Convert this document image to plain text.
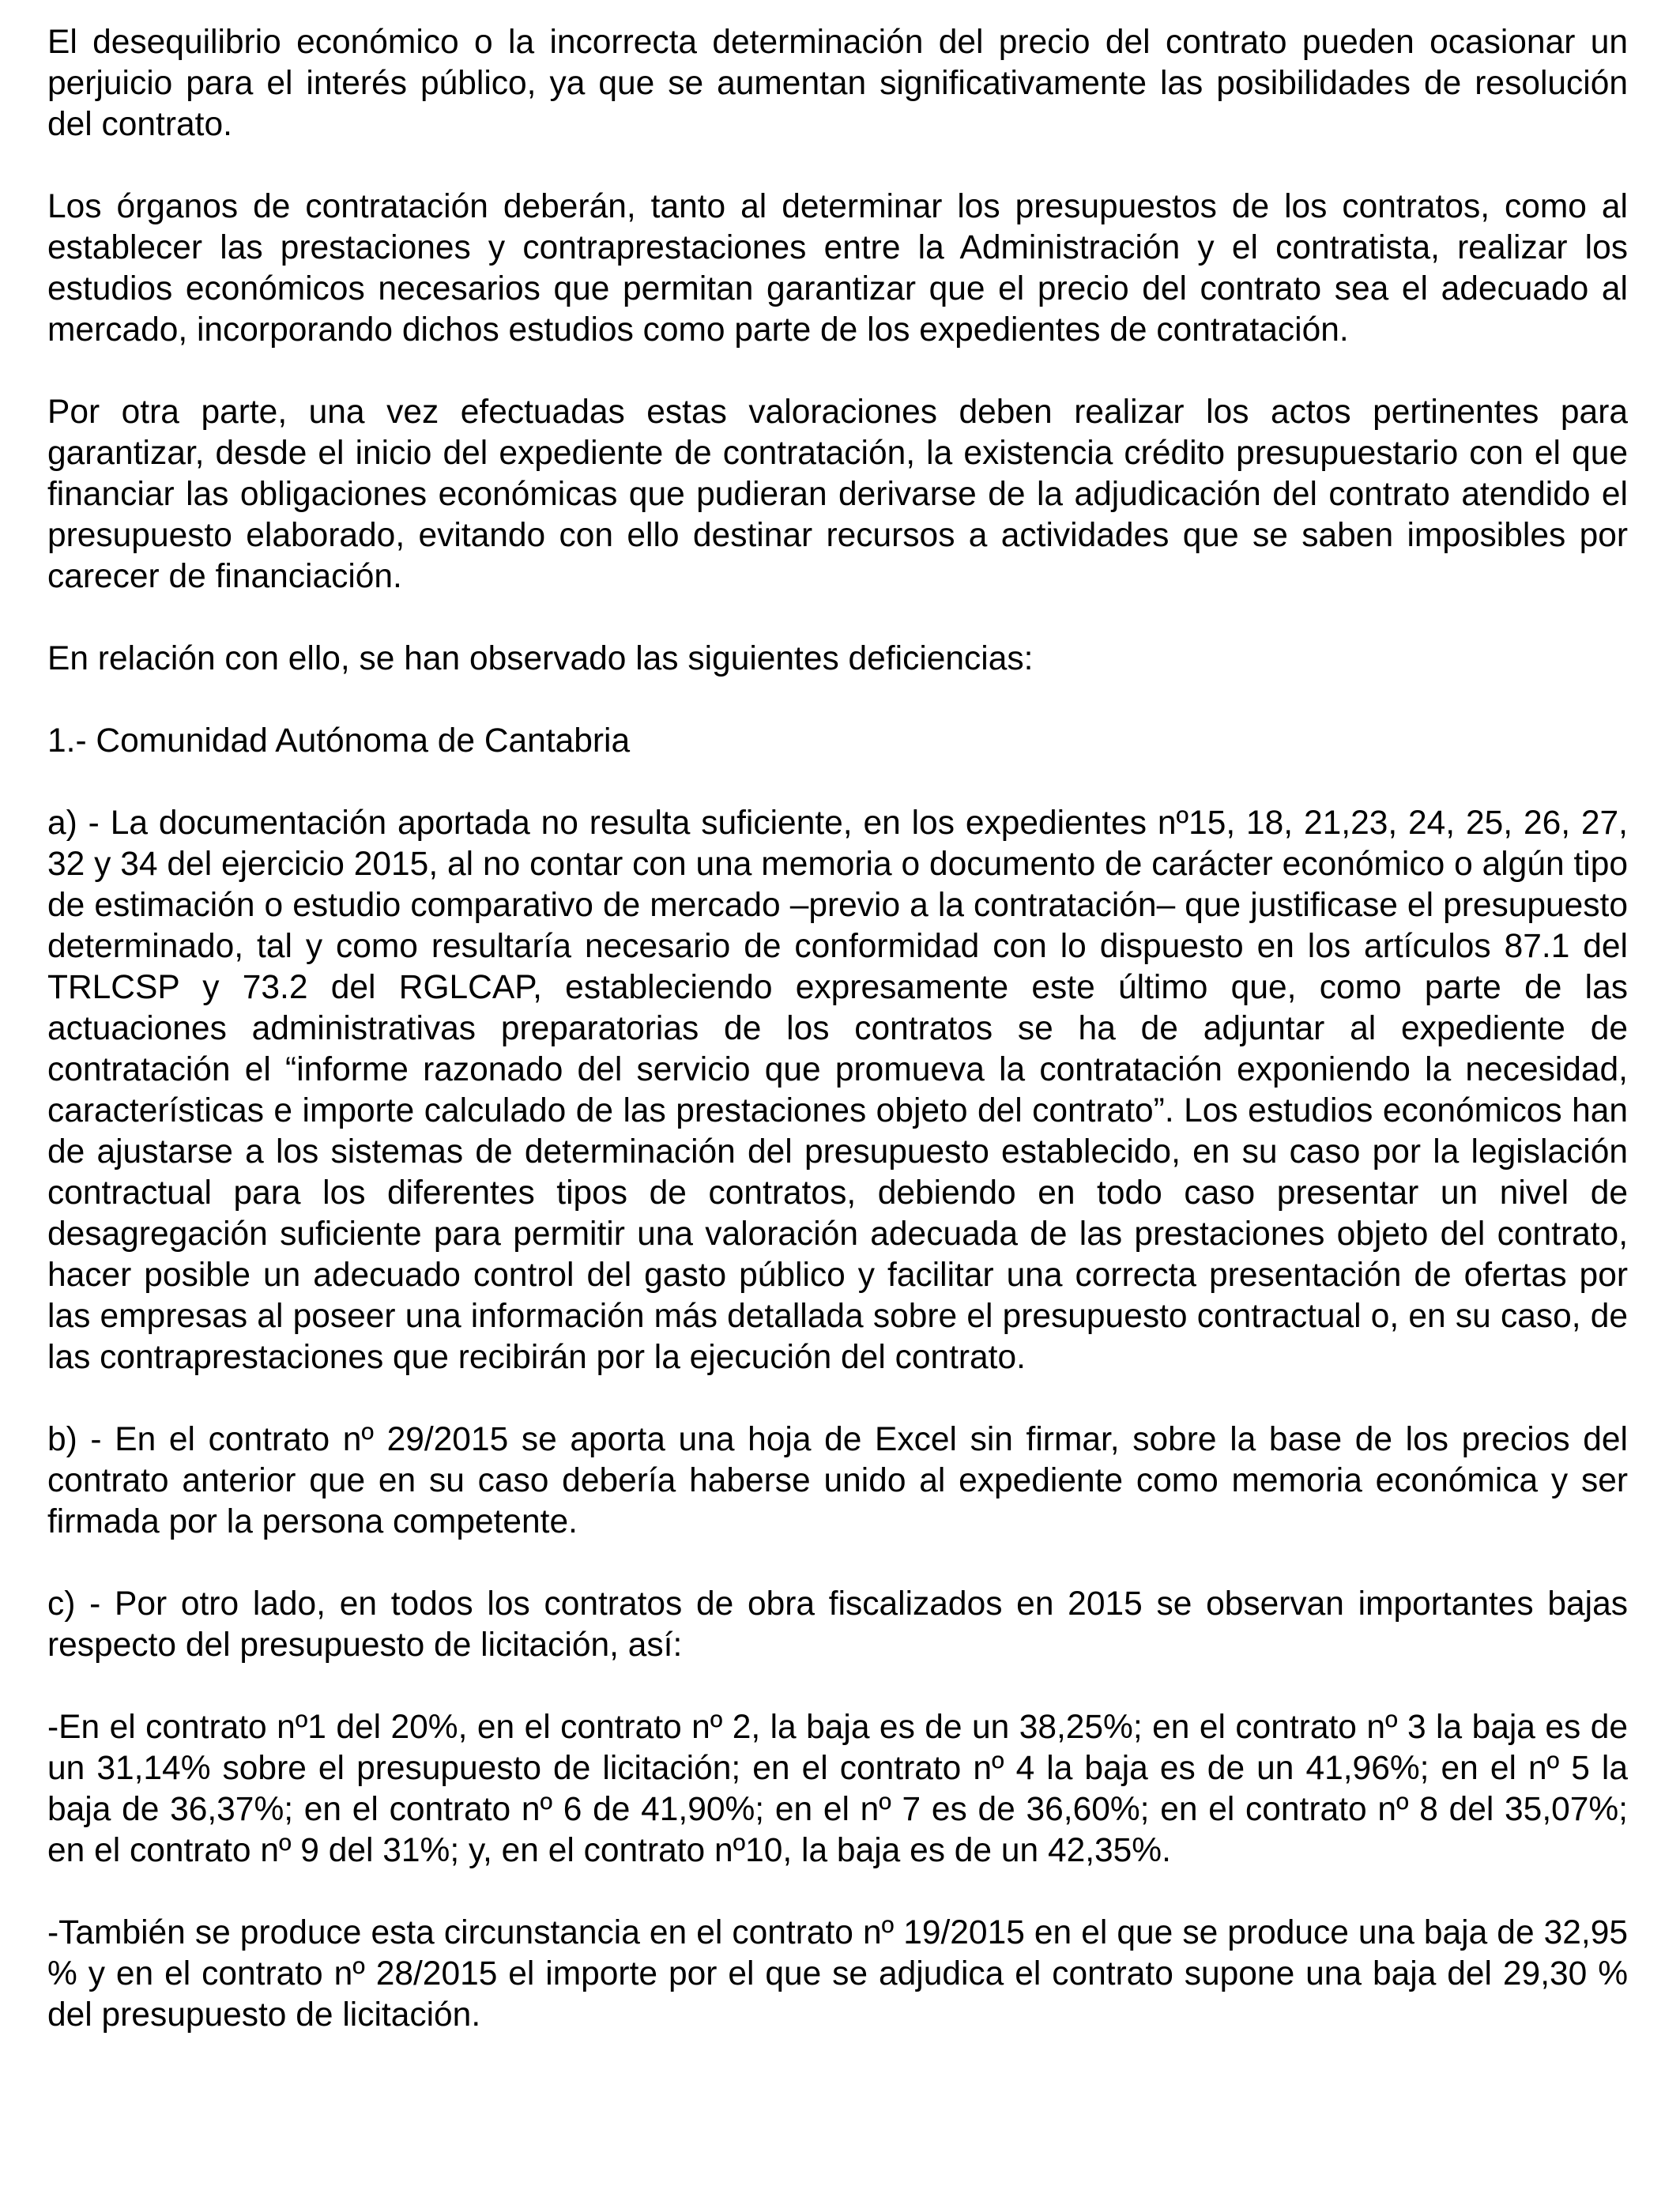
El desequilibrio económico o la incorrecta determinación del precio del contrato pueden ocasionar un perjuicio para el interés público, ya que se aumentan significativamente las posibilidades de resolución del contrato.

Los órganos de contratación deberán, tanto al determinar los presupuestos de los contratos, como al establecer las prestaciones y contraprestaciones entre la Administración y el contratista, realizar los estudios económicos necesarios que permitan garantizar que el precio del contrato sea el adecuado al mercado, incorporando dichos estudios como parte de los expedientes de contratación.

Por otra parte, una vez efectuadas estas valoraciones deben realizar los actos pertinentes para garantizar, desde el inicio del expediente de contratación, la existencia crédito presupuestario con el que financiar las obligaciones económicas que pudieran derivarse de la adjudicación del contrato atendido el presupuesto elaborado, evitando con ello destinar recursos a actividades que se saben imposibles por carecer de financiación.

En relación con ello, se han observado las siguientes deficiencias:

1.- Comunidad Autónoma de Cantabria

a) - La documentación aportada no resulta suficiente, en los expedientes nº15, 18, 21,23, 24, 25, 26, 27, 32 y 34 del ejercicio 2015, al no contar con una memoria o documento de carácter económico o algún tipo de estimación o estudio comparativo de mercado –previo a la contratación– que justificase el presupuesto determinado, tal y como resultaría necesario de conformidad con lo dispuesto en los artículos 87.1 del TRLCSP y 73.2 del RGLCAP, estableciendo expresamente este último que, como parte de las actuaciones administrativas preparatorias de los contratos se ha de adjuntar al expediente de contratación el “informe razonado del servicio que promueva la contratación exponiendo la necesidad, características e importe calculado de las prestaciones objeto del contrato”. Los estudios económicos han de ajustarse a los sistemas de determinación del presupuesto establecido, en su caso por la legislación contractual para los diferentes tipos de contratos, debiendo en todo caso presentar un nivel de desagregación suficiente para permitir una valoración adecuada de las prestaciones objeto del contrato, hacer posible un adecuado control del gasto público y facilitar una correcta presentación de ofertas por las empresas al poseer una información más detallada sobre el presupuesto contractual o, en su caso, de las contraprestaciones que recibirán por la ejecución del contrato.

b) - En el contrato nº 29/2015 se aporta una hoja de Excel sin firmar, sobre la base de los precios del contrato anterior que en su caso debería haberse unido al expediente como memoria económica y ser firmada por la persona competente.

c) - Por otro lado, en todos los contratos de obra fiscalizados en 2015 se observan importantes bajas respecto del presupuesto de licitación, así:

-En el contrato nº1 del 20%, en el contrato nº 2, la baja es de un 38,25%; en el contrato nº 3 la baja es de un 31,14% sobre el presupuesto de licitación; en el contrato nº 4 la baja es de un 41,96%; en el nº 5 la baja de 36,37%; en el contrato nº 6 de 41,90%; en el nº 7 es de 36,60%; en el contrato nº 8 del 35,07%; en el contrato nº 9 del 31%; y, en el contrato nº10, la baja es de un 42,35%.

-También se produce esta circunstancia en el contrato nº 19/2015 en el que se produce una baja de 32,95 % y en el contrato nº 28/2015 el importe por el que se adjudica el contrato supone una baja del 29,30 % del presupuesto de licitación.
